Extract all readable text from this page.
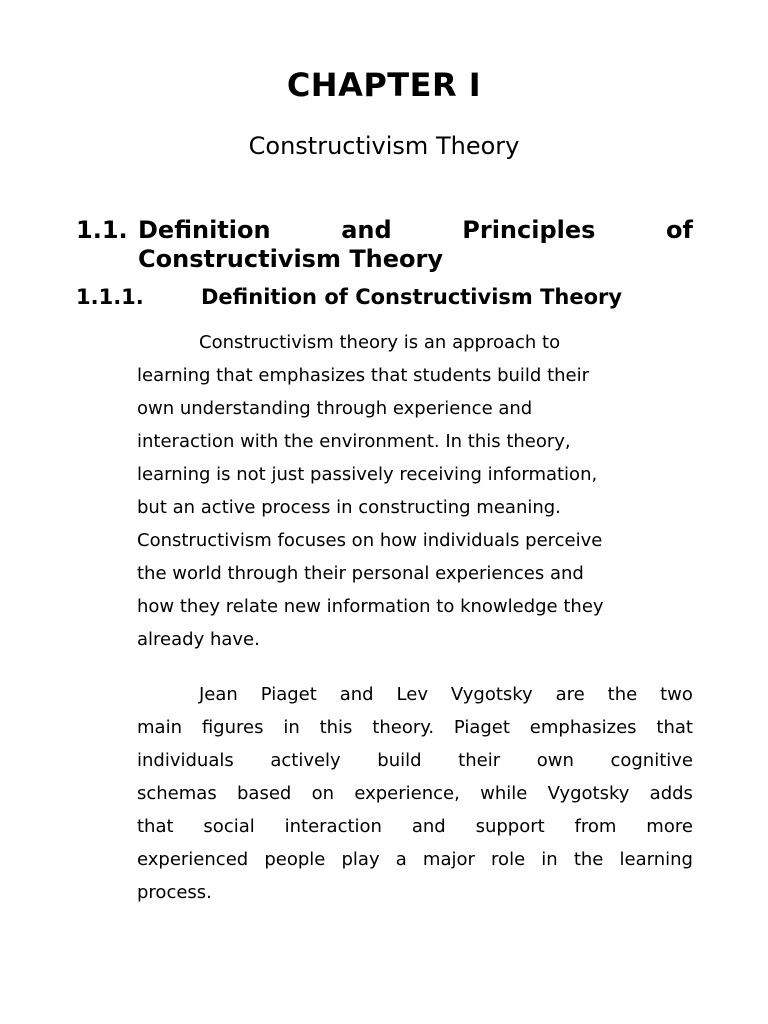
CHAPTER I
Constructivism Theory
1.1. Definition	and	Principles	of
Constructivism Theory
1.1.1.	Definition of Constructivism Theory
Constructivism theory is an approach to
learning that emphasizes that students build their
own understanding through experience and
interaction with the environment. In this theory,
learning is not just passively receiving information,
but an active process in constructing meaning.
Constructivism focuses on how individuals perceive
the world through their personal experiences and
how they relate new information to knowledge they
already have.
Jean Piaget and Lev Vygotsky are the two
main figures in this theory. Piaget emphasizes that
individuals actively build their own cognitive
schemas based on experience, while Vygotsky adds
that social interaction and support from more
experienced people play a major role in the learning
process.
